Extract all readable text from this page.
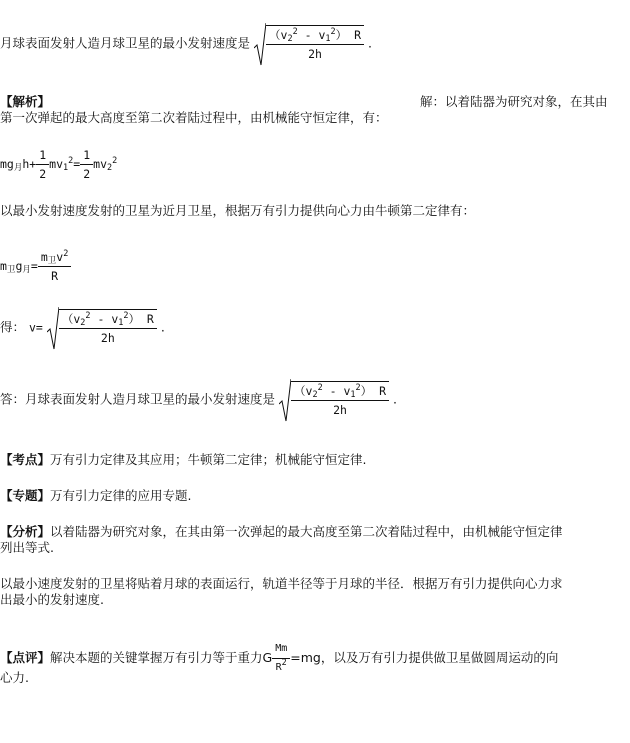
月球表面发射人造月球卫星的最小发射速度是 $\frac{(v_2^2 - v_1^2) R}{2h}$ .
【解析】	解：以着陆器为研究对象，在其由
第一次弹起的最大高度至第二次着陆过程中，由机械能守恒定律，有：
$mg_月h+ \frac{1}{2} mv_1^2= \frac{1}{2} mv_2^2$
以最小发射速度发射的卫星为近月卫星，根据万有引力提供向心力由牛顿第二定律有：
$m_卫g_月= \frac{m_卫v^2}{R}$
得： $v= \frac{(v_2^2 - v_1^2) R}{2h}$ .
答：月球表面发射人造月球卫星的最小发射速度是 $\frac{(v_2^2 - v_1^2) R}{2h}$ .
【考点】万有引力定律及其应用；牛顿第二定律；机械能守恒定律.
【专题】万有引力定律的应用专题.
【分析】以着陆器为研究对象，在其由第一次弹起的最大高度至第二次着陆过程中，由机械能守恒定律
列出等式.
以最小速度发射的卫星将贴着月球的表面运行，轨道半径等于月球的半径．根据万有引力提供向心力求
出最小的发射速度.
【点评】解决本题的关键掌握万有引力等于重力G $\frac{Mm}{R^2} =mg$，以及万有引力提供做卫星做圆周运动的向
心力.
